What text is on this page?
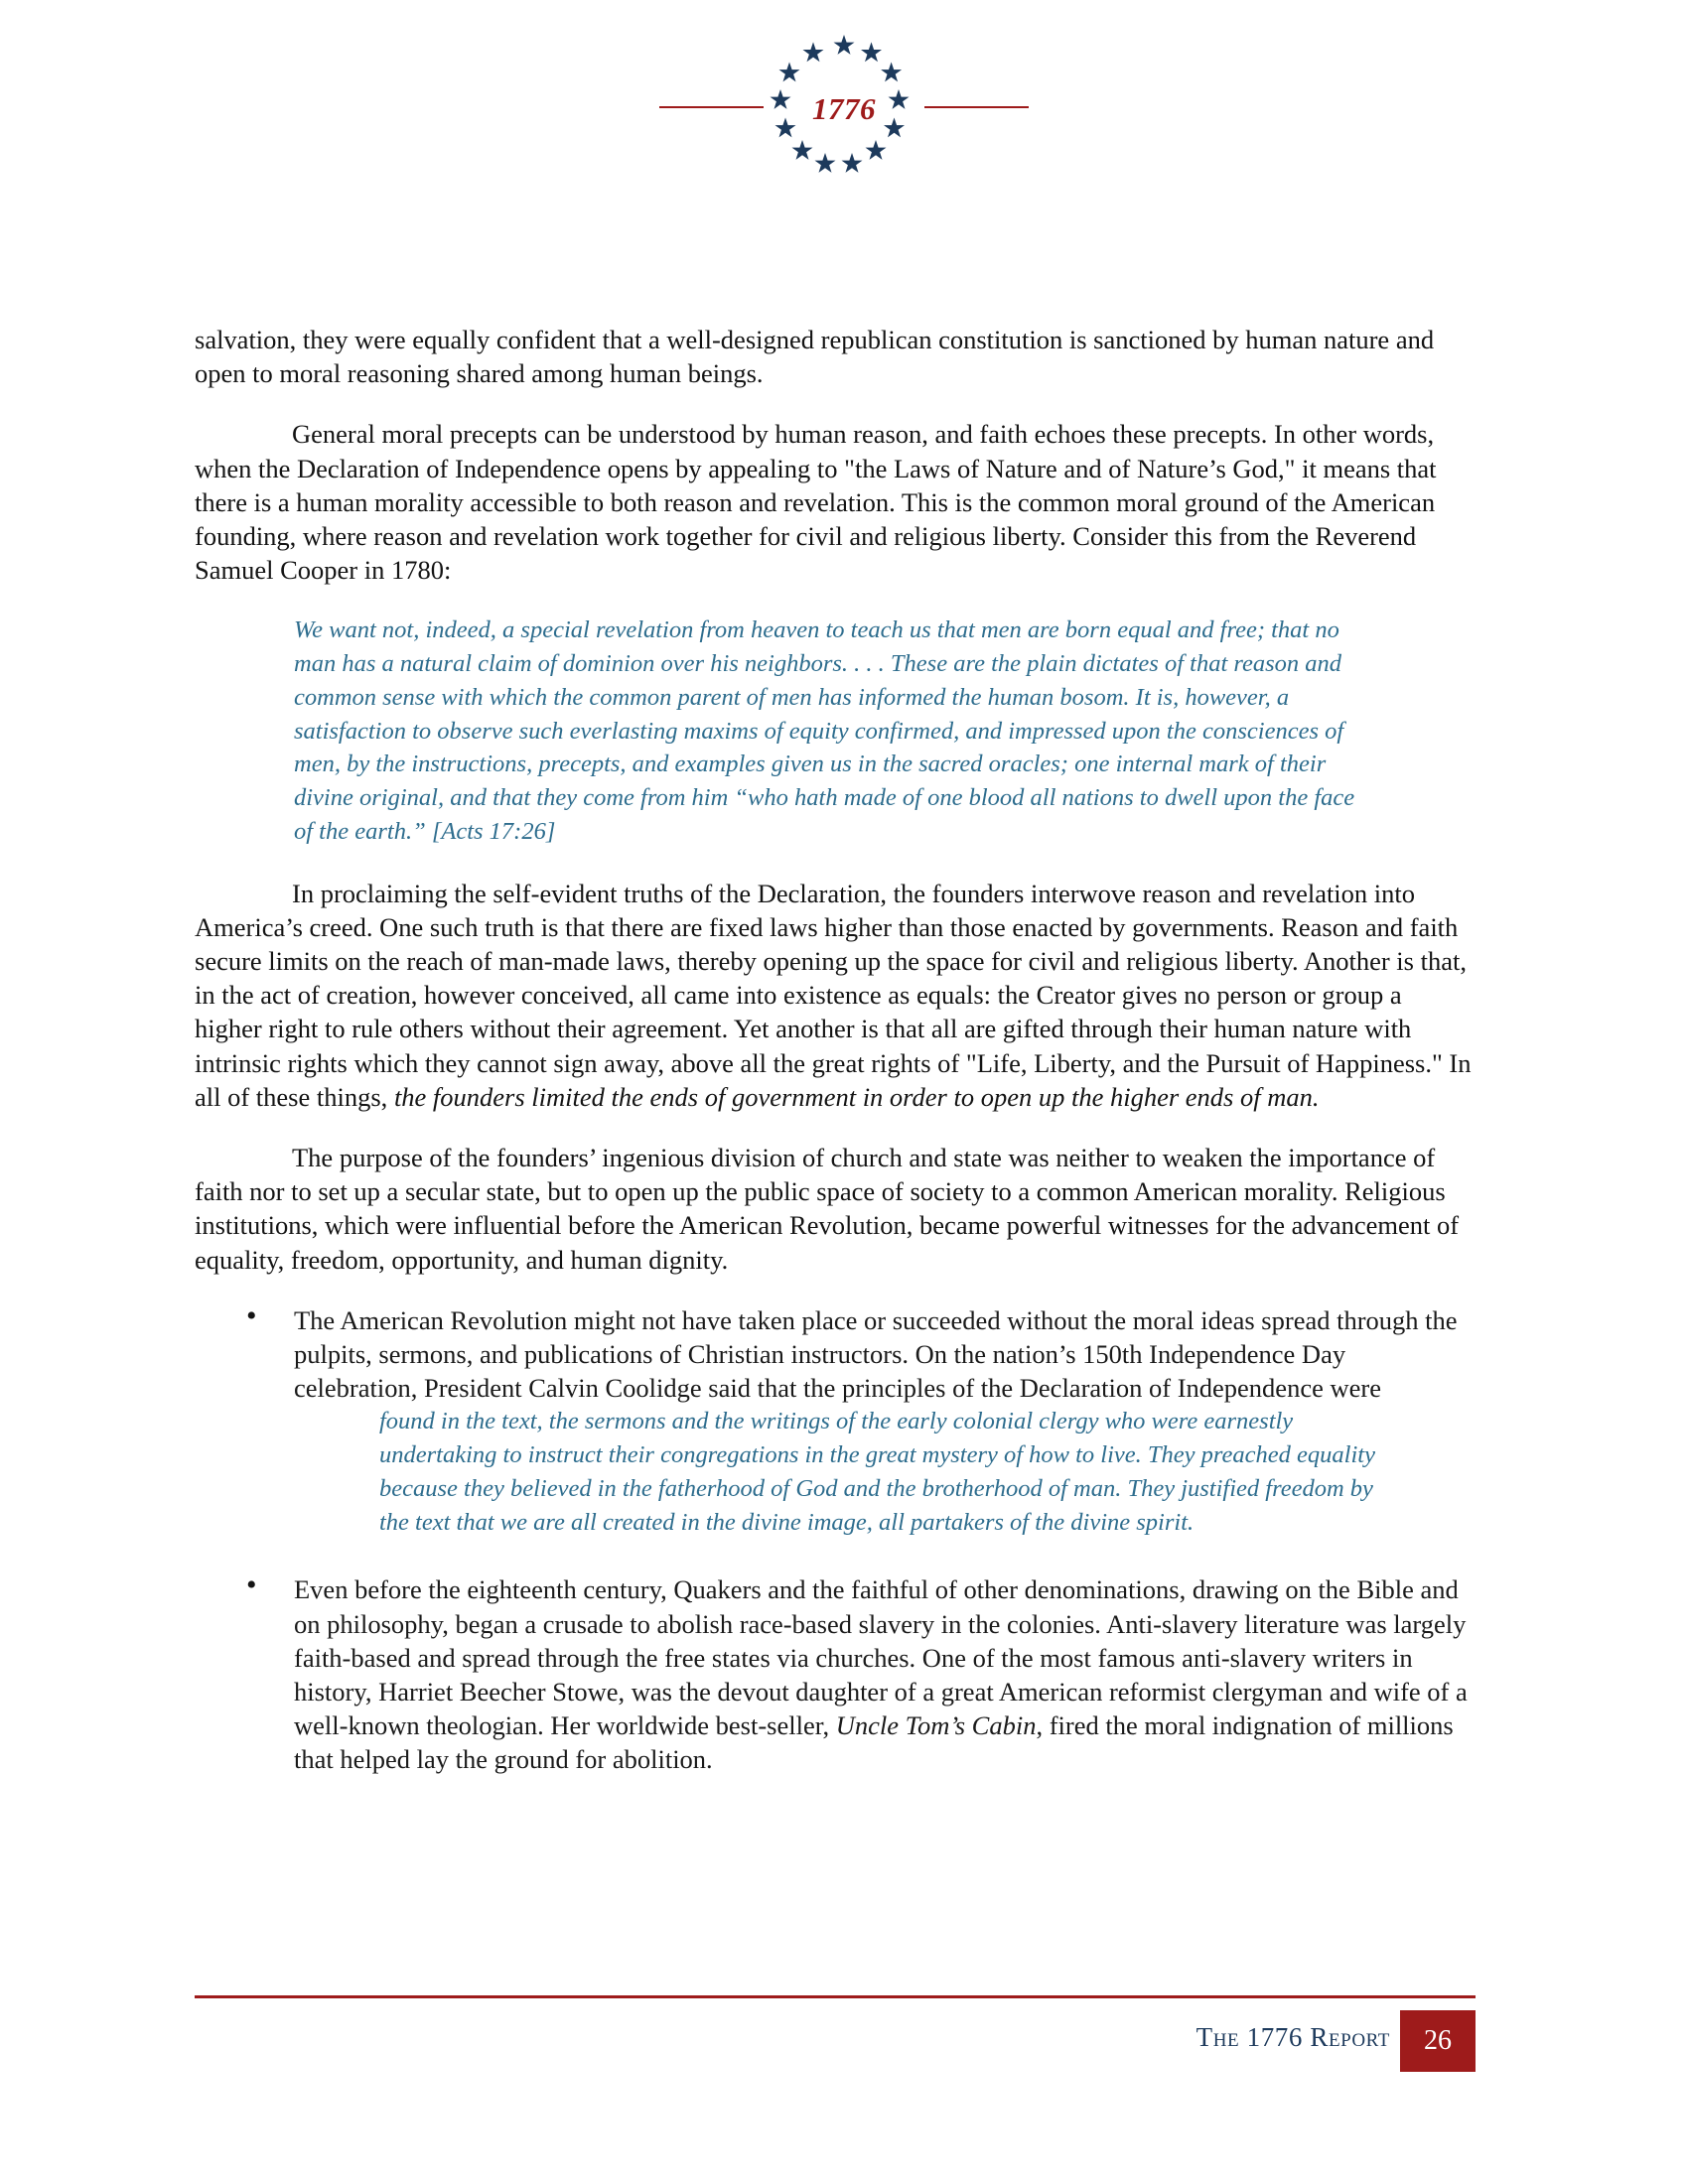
1776

salvation, they were equally confident that a well-designed republican constitution is sanctioned by human nature and open to moral reasoning shared among human beings.

General moral precepts can be understood by human reason, and faith echoes these precepts. In other words, when the Declaration of Independence opens by appealing to "the Laws of Nature and of Nature’s God," it means that there is a human morality accessible to both reason and revelation. This is the common moral ground of the American founding, where reason and revelation work together for civil and religious liberty. Consider this from the Reverend Samuel Cooper in 1780:

We want not, indeed, a special revelation from heaven to teach us that men are born equal and free; that no man has a natural claim of dominion over his neighbors. . . . These are the plain dictates of that reason and common sense with which the common parent of men has informed the human bosom. It is, however, a satisfaction to observe such everlasting maxims of equity confirmed, and impressed upon the consciences of men, by the instructions, precepts, and examples given us in the sacred oracles; one internal mark of their divine original, and that they come from him “who hath made of one blood all nations to dwell upon the face of the earth.” [Acts 17:26]

In proclaiming the self-evident truths of the Declaration, the founders interwove reason and revelation into America’s creed. One such truth is that there are fixed laws higher than those enacted by governments. Reason and faith secure limits on the reach of man-made laws, thereby opening up the space for civil and religious liberty. Another is that, in the act of creation, however conceived, all came into existence as equals: the Creator gives no person or group a higher right to rule others without their agreement. Yet another is that all are gifted through their human nature with intrinsic rights which they cannot sign away, above all the great rights of "Life, Liberty, and the Pursuit of Happiness." In all of these things, the founders limited the ends of government in order to open up the higher ends of man.

The purpose of the founders’ ingenious division of church and state was neither to weaken the importance of faith nor to set up a secular state, but to open up the public space of society to a common American morality. Religious institutions, which were influential before the American Revolution, became powerful witnesses for the advancement of equality, freedom, opportunity, and human dignity.

• The American Revolution might not have taken place or succeeded without the moral ideas spread through the pulpits, sermons, and publications of Christian instructors. On the nation’s 150th Independence Day celebration, President Calvin Coolidge said that the principles of the Declaration of Independence were
found in the text, the sermons and the writings of the early colonial clergy who were earnestly undertaking to instruct their congregations in the great mystery of how to live. They preached equality because they believed in the fatherhood of God and the brotherhood of man. They justified freedom by the text that we are all created in the divine image, all partakers of the divine spirit.
• Even before the eighteenth century, Quakers and the faithful of other denominations, drawing on the Bible and on philosophy, began a crusade to abolish race-based slavery in the colonies. Anti-slavery literature was largely faith-based and spread through the free states via churches. One of the most famous anti-slavery writers in history, Harriet Beecher Stowe, was the devout daughter of a great American reformist clergyman and wife of a well-known theologian. Her worldwide best-seller, Uncle Tom’s Cabin, fired the moral indignation of millions that helped lay the ground for abolition.
The 1776 Report	26
